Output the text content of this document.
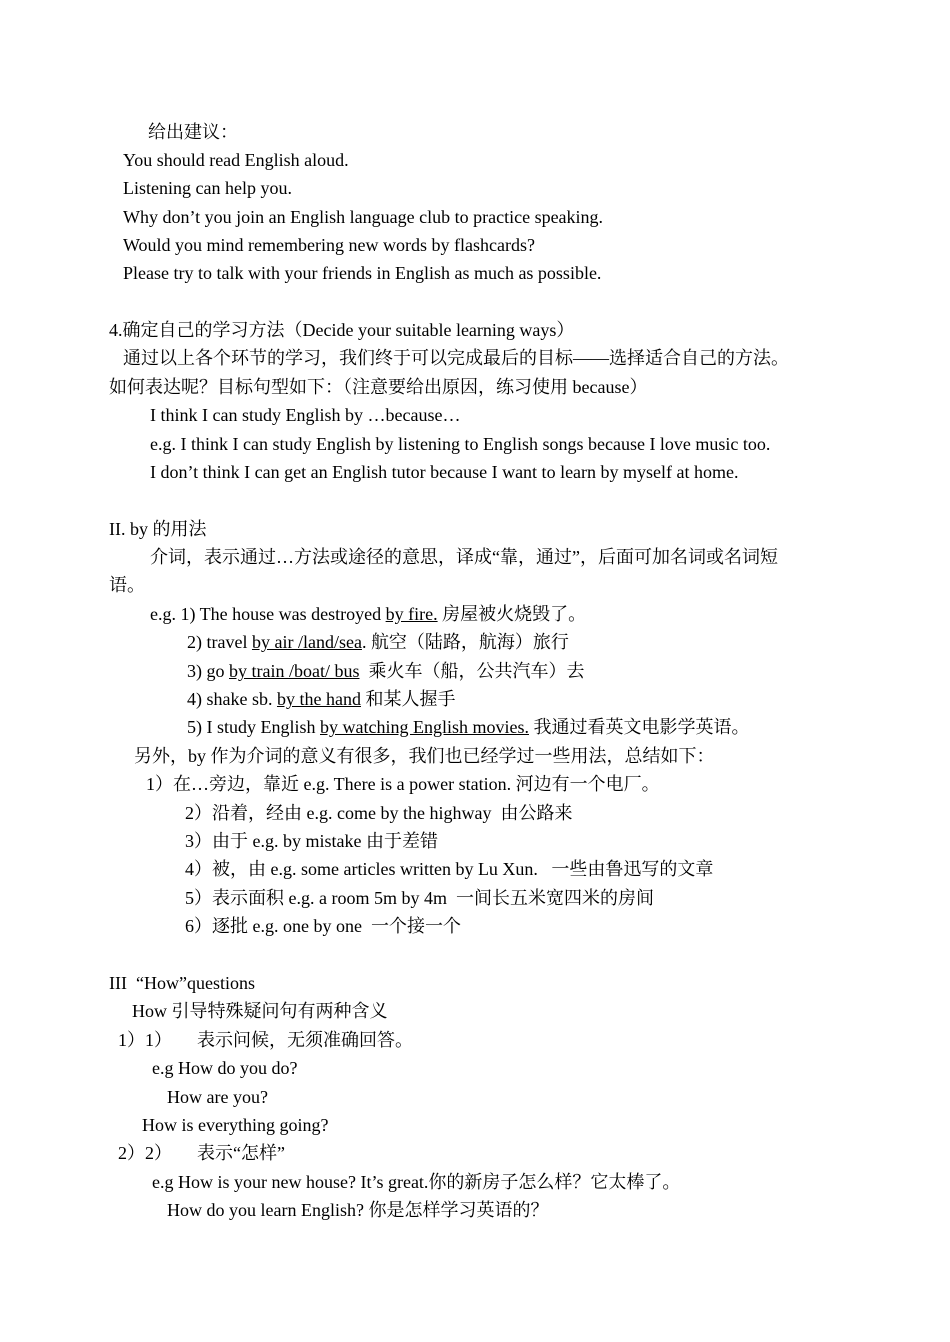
给出建议：
You should read English aloud.
Listening can help you.
Why don’t you join an English language club to practice speaking.
Would you mind remembering new words by flashcards?
Please try to talk with your friends in English as much as possible.
4.确定自己的学习方法（Decide your suitable learning ways）
通过以上各个环节的学习，我们终于可以完成最后的目标——选择适合自己的方法。
如何表达呢？目标句型如下：（注意要给出原因，练习使用 because）
I think I can study English by …because…
e.g. I think I can study English by listening to English songs because I love music too.
I don’t think I can get an English tutor because I want to learn by myself at home.
II. by 的用法
介词，表示通过…方法或途径的意思，译成“靠，通过”，后面可加名词或名词短
语。
e.g. 1) The house was destroyed by fire. 房屋被火烧毁了。
2) travel by air /land/sea. 航空（陆路，航海）旅行
3) go by train /boat/ bus  乘火车（船，公共汽车）去
4) shake sb. by the hand 和某人握手
5) I study English by watching English movies. 我通过看英文电影学英语。
另外，by 作为介词的意义有很多，我们也已经学过一些用法，总结如下：
1）在…旁边，靠近 e.g. There is a power station. 河边有一个电厂。
2）沿着，经由 e.g. come by the highway  由公路来
3）由于 e.g. by mistake 由于差错
4）被，由 e.g. some articles written by Lu Xun.   一些由鲁迅写的文章
5）表示面积 e.g. a room 5m by 4m  一间长五米宽四米的房间
6）逐批 e.g. one by one  一个接一个
III  “How”questions
How 引导特殊疑问句有两种含义
1）1） 表示问候，无须准确回答。
e.g How do you do?
How are you?
How is everything going?
2）2） 表示“怎样”
e.g How is your new house? It’s great.你的新房子怎么样？它太棒了。
How do you learn English? 你是怎样学习英语的？
